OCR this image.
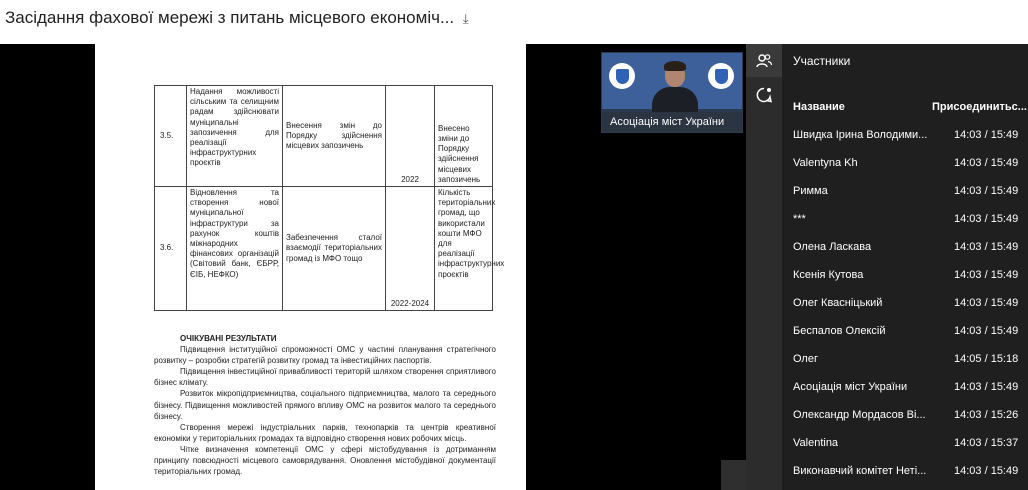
Засідання фахової мережі з питань місцевого економіч... ⤓
3.5.	Надання можливості сільським та селищним радам здійснювати муніципальні запозичення для реалізації інфраструктурних проєктів	Внесення змін до Порядку здійснення місцевих запозичень	2022	Внесено зміни до Порядку здійснення місцевих запозичень
3.6.	Відновлення та створення нової муніципальної інфраструктури за рахунок коштів міжнародних фінансових організацій (Світовий банк, ЄБРР, ЄІБ, НЕФКО)	Забезпечення сталої взаємодії територіальних громад із МФО тощо	2022-2024	Кількість територіальних громад, що використали кошти МФО для реалізації інфраструктурних проєктів
ОЧІКУВАНІ РЕЗУЛЬТАТИ

Підвищення інституційної спроможності ОМС у частині планування стратегічного розвитку – розробки стратегій розвитку громад та інвестиційних паспортів.

Підвищення інвестиційної привабливості територій шляхом створення сприятливого бізнес клімату.

Розвиток мікропідприємництва, соціального підприємництва, малого та середнього бізнесу. Підвищення можливостей прямого впливу ОМС на розвиток малого та середнього бізнесу.

Створення мережі індустріальних парків, технопарків та центрів креативної економіки у територіальних громадах та відповідно створення нових робочих місць.

Чітке визначення компетенції ОМС у сфері містобудування із дотриманням принципу повсюдності місцевого самоврядування. Оновлення містобудівної документації територіальних громад.

Асоціація міст України
Участники
Название	Присоединитьс...
Швидка Ірина Володими...	14:03 / 15:49
Valentyna Kh	14:03 / 15:49
Римма	14:03 / 15:49
***	14:03 / 15:49
Олена Ласкава	14:03 / 15:49
Ксенія Кутова	14:03 / 15:49
Олег Квасніцький	14:03 / 15:49
Беспалов Олексій	14:03 / 15:49
Олег	14:05 / 15:18
Асоціація міст України	14:03 / 15:49
Олександр Мордасов Ві...	14:03 / 15:26
Valentina	14:03 / 15:37
Виконавчий комітет Неті...	14:03 / 15:49
